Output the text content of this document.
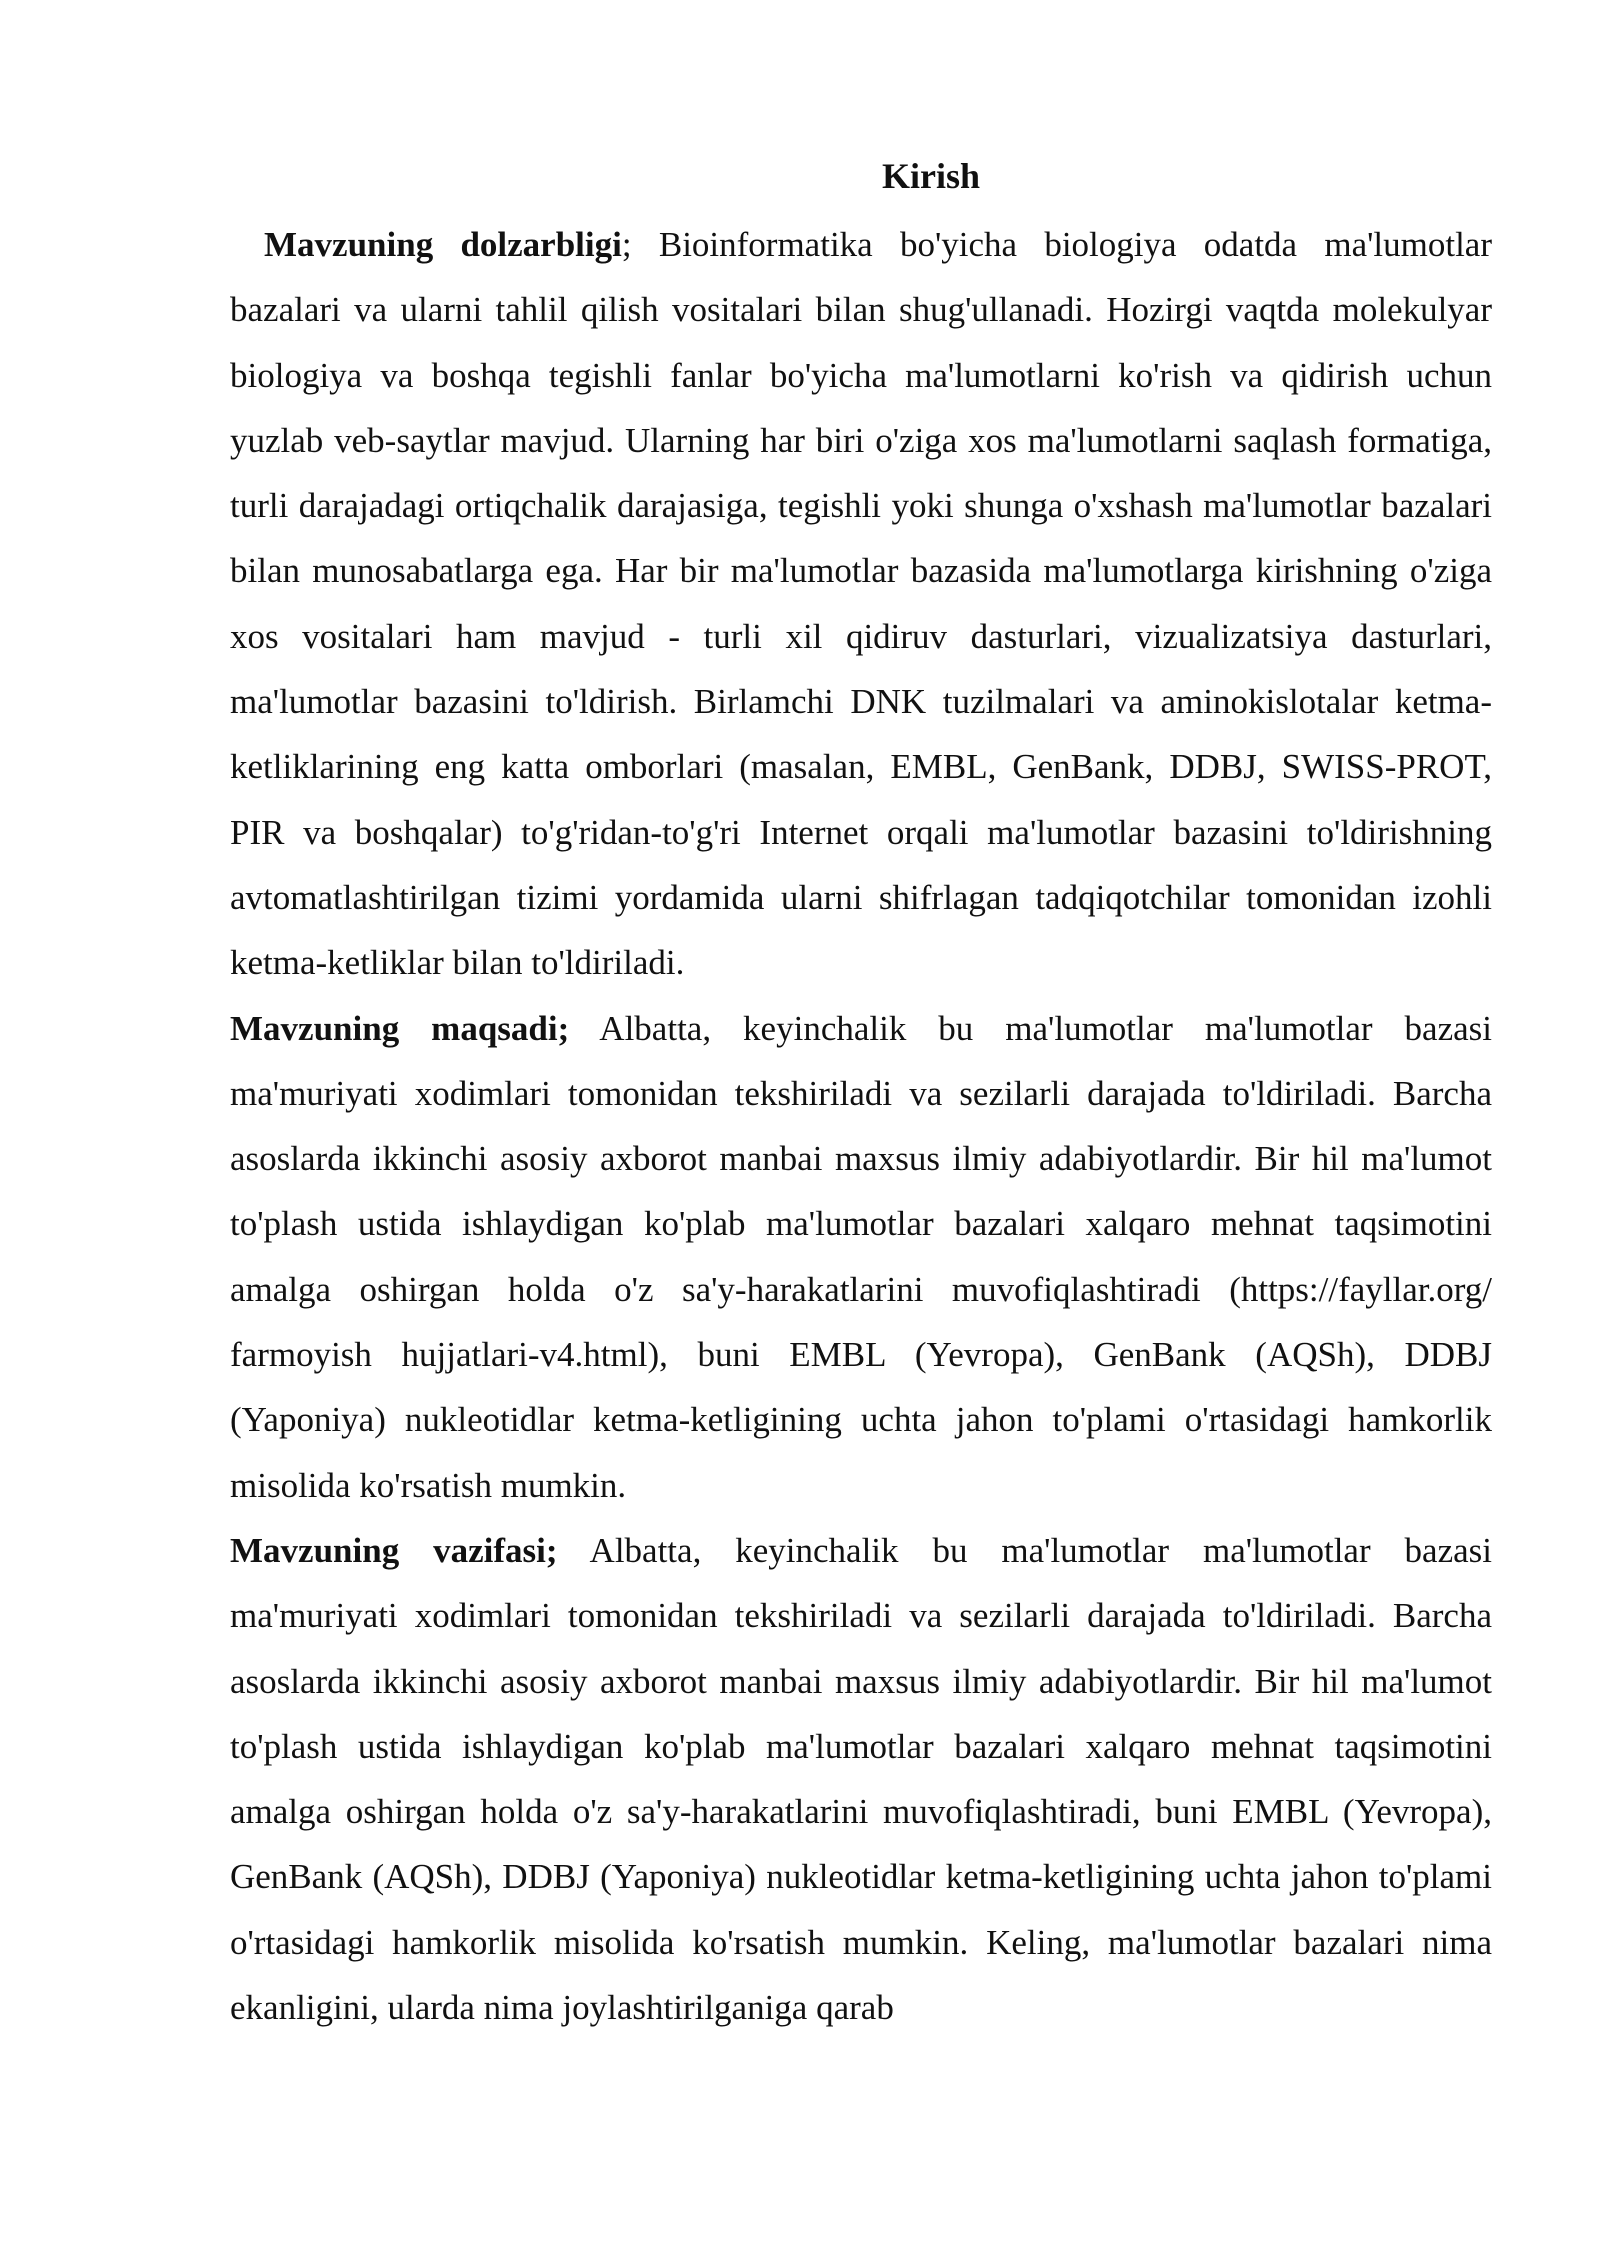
Kirish

Mavzuning dolzarbligi; Bioinformatika bo'yicha biologiya odatda ma'lumotlar bazalari va ularni tahlil qilish vositalari bilan shug'ullanadi. Hozirgi vaqtda molekulyar biologiya va boshqa tegishli fanlar bo'yicha ma'lumotlarni ko'rish va qidirish uchun yuzlab veb-saytlar mavjud. Ularning har biri o'ziga xos ma'lumotlarni saqlash formatiga, turli darajadagi ortiqchalik darajasiga, tegishli yoki shunga o'xshash ma'lumotlar bazalari bilan munosabatlarga ega. Har bir ma'lumotlar bazasida ma'lumotlarga kirishning o'ziga xos vositalari ham mavjud - turli xil qidiruv dasturlari, vizualizatsiya dasturlari, ma'lumotlar bazasini to'ldirish. Birlamchi DNK tuzilmalari va aminokislotalar ketma-ketliklarining eng katta omborlari (masalan, EMBL, GenBank, DDBJ, SWISS-PROT, PIR va boshqalar) to'g'ridan-to'g'ri Internet orqali ma'lumotlar bazasini to'ldirishning avtomatlashtirilgan tizimi yordamida ularni shifrlagan tadqiqotchilar tomonidan izohli ketma-ketliklar bilan to'ldiriladi.

Mavzuning maqsadi; Albatta, keyinchalik bu ma'lumotlar ma'lumotlar bazasi ma'muriyati xodimlari tomonidan tekshiriladi va sezilarli darajada to'ldiriladi. Barcha asoslarda ikkinchi asosiy axborot manbai maxsus ilmiy adabiyotlardir. Bir hil ma'lumot to'plash ustida ishlaydigan ko'plab ma'lumotlar bazalari xalqaro mehnat taqsimotini amalga oshirgan holda o'z sa'y-harakatlarini muvofiqlashtiradi (https://fayllar.org/ farmoyish hujjatlari-v4.html), buni EMBL (Yevropa), GenBank (AQSh), DDBJ (Yaponiya) nukleotidlar ketma-ketligining uchta jahon to'plami o'rtasidagi hamkorlik misolida ko'rsatish mumkin.

Mavzuning vazifasi; Albatta, keyinchalik bu ma'lumotlar ma'lumotlar bazasi ma'muriyati xodimlari tomonidan tekshiriladi va sezilarli darajada to'ldiriladi. Barcha asoslarda ikkinchi asosiy axborot manbai maxsus ilmiy adabiyotlardir. Bir hil ma'lumot to'plash ustida ishlaydigan ko'plab ma'lumotlar bazalari xalqaro mehnat taqsimotini amalga oshirgan holda o'z sa'y-harakatlarini muvofiqlashtiradi, buni EMBL (Yevropa), GenBank (AQSh), DDBJ (Yaponiya) nukleotidlar ketma-ketligining uchta jahon to'plami o'rtasidagi hamkorlik misolida ko'rsatish mumkin. Keling, ma'lumotlar bazalari nima ekanligini, ularda nima joylashtirilganiga qarab
